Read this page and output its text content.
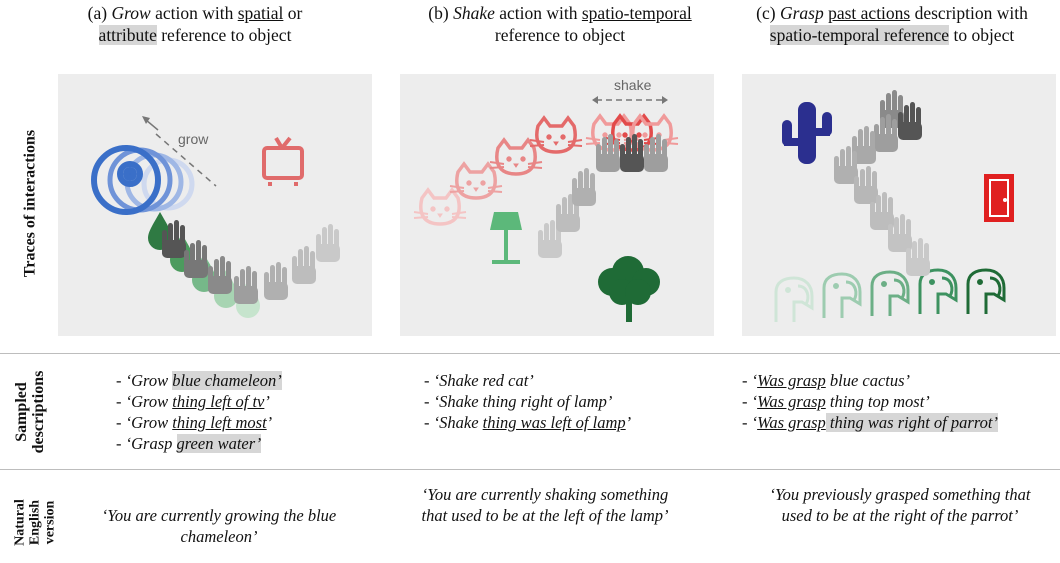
(a) Grow action with spatial or
attribute reference to object
(b) Shake action with spatio-temporal
reference to object
(c) Grasp past actions description with
spatio-temporal reference to object
Traces of interactions
Sampled
descriptions
Natural
English
version
grow
shake
- ‘Grow blue chameleon’
- ‘Grow thing left of tv’
- ‘Grow thing left most’
- ‘Grasp green water’
- ‘Shake red cat’
- ‘Shake thing right of lamp’
- ‘Shake thing was left of lamp’
- ‘Was grasp blue cactus’
- ‘Was grasp thing top most’
- ‘Was grasp thing was right of parrot’
‘You are currently growing the blue chameleon’
‘You are currently shaking something that used to be at the left of the lamp’
‘You previously grasped something that used to be at the right of the parrot’
